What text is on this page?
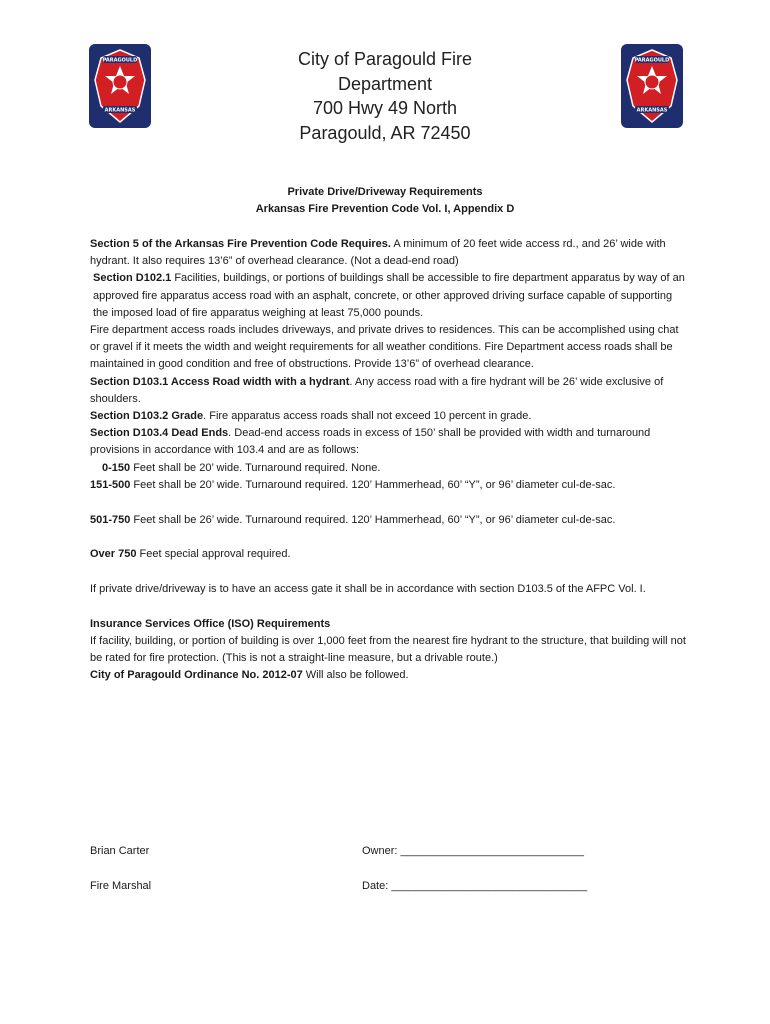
PARAGOULD
ARKANSAS
PARAGOULD
ARKANSAS
City of Paragould Fire
Department
700 Hwy 49 North
Paragould, AR 72450
Private Drive/Driveway Requirements
Arkansas Fire Prevention Code Vol. I, Appendix D

Section 5 of the Arkansas Fire Prevention Code Requires. A minimum of 20 feet wide access rd., and 26’ wide with hydrant. It also requires 13’6” of overhead clearance. (Not a dead-end road)

Section D102.1 Facilities, buildings, or portions of buildings shall be accessible to fire department apparatus by way of an approved fire apparatus access road with an asphalt, concrete, or other approved driving surface capable of supporting the imposed load of fire apparatus weighing at least 75,000 pounds.

Fire department access roads includes driveways, and private drives to residences. This can be accomplished using chat or gravel if it meets the width and weight requirements for all weather conditions. Fire Department access roads shall be maintained in good condition and free of obstructions. Provide 13’6” of overhead clearance.

Section D103.1 Access Road width with a hydrant. Any access road with a fire hydrant will be 26’ wide exclusive of shoulders.

Section D103.2 Grade. Fire apparatus access roads shall not exceed 10 percent in grade.

Section D103.4 Dead Ends. Dead-end access roads in excess of 150’ shall be provided with width and turnaround provisions in accordance with 103.4 and are as follows:

0-150 Feet shall be 20’ wide. Turnaround required. None.

151-500 Feet shall be 20’ wide. Turnaround required. 120’ Hammerhead, 60’ “Y”, or 96’ diameter cul-de-sac.

501-750 Feet shall be 26’ wide. Turnaround required. 120’ Hammerhead, 60’ “Y”, or 96’ diameter cul-de-sac.

Over 750 Feet special approval required.

If private drive/driveway is to have an access gate it shall be in accordance with section D103.5 of the AFPC Vol. I.

Insurance Services Office (ISO) Requirements

If facility, building, or portion of building is over 1,000 feet from the nearest fire hydrant to the structure, that building will not be rated for fire protection. (This is not a straight-line measure, but a drivable route.)

City of Paragould Ordinance No. 2012-07 Will also be followed.

Brian Carter
Fire Marshal
Owner: ______________________________
Date: ________________________________
